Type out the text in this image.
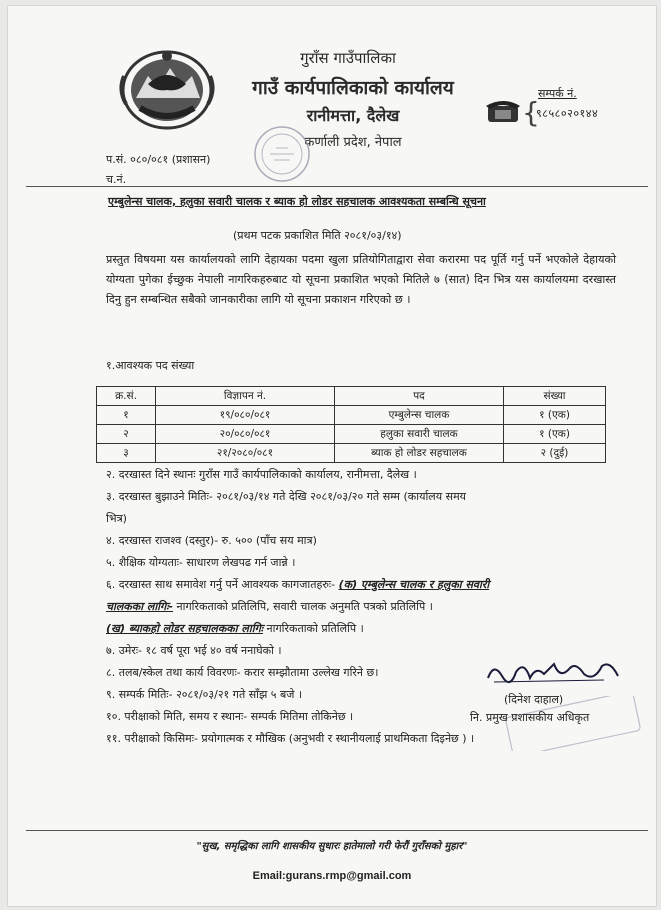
गुराँस गाउँपालिका
गाउँ कार्यपालिकाको कार्यालय
रानीमत्ता, दैलेख
कर्णाली प्रदेश, नेपाल
{
सम्पर्क नं.
९८५८०२०१४४
प.सं. ०८०/०८१ (प्रशासन)
च.नं.
एम्बुलेन्स चालक, हलुका सवारी चालक र ब्याक हो लोडर सहचालक आवश्यकता सम्बन्धि सूचना
(प्रथम पटक प्रकाशित मिति २०८१/०३/१४)
प्रस्तुत विषयमा यस कार्यालयको लागि देहायका पदमा खुला प्रतियोगिताद्वारा सेवा करारमा पद पूर्ति गर्नु पर्ने भएकोले देहायको योग्यता पुगेका ईच्छुक नेपाली नागरिकहरुबाट यो सूचना प्रकाशित भएको मितिले ७ (सात) दिन भित्र यस कार्यालयमा दरखास्त दिनु हुन सम्बन्धित सबैको जानकारीका लागि यो सूचना प्रकाशन गरिएको छ ।
१.आवश्यक पद संख्या
क्र.सं.	विज्ञापन नं.	पद	संख्या
१	१९/०८०/०८१	एम्बुलेन्स चालक	१ (एक)
२	२०/०८०/०८१	हलुका सवारी चालक	१ (एक)
३	२१/२०८०/०८१	ब्याक हो लोडर सहचालक	२ (दुई)
२. दरखास्त दिने स्थानः गुराँस गाउँ कार्यपालिकाको कार्यालय, रानीमत्ता, दैलेख ।
३. दरखास्त बुझाउने मितिः- २०८१/०३/१४ गते देखि २०८१/०३/२० गते सम्म (कार्यालय समय
भित्र)
४. दरखास्त राजश्व (दस्तुर)- रु. ५०० (पाँच सय मात्र)
५. शैक्षिक योग्यताः- साधारण लेखपढ गर्न जान्ने ।
६. दरखास्त साथ समावेश गर्नु पर्ने आवश्यक कागजातहरुः- (क) एम्बुलेन्स चालक र हलुका सवारी
चालकका लागिः- नागरिकताको प्रतिलिपि, सवारी चालक अनुमति पत्रको प्रतिलिपि ।
(ख) ब्याकहो लोडर सहचालकका लागिः नागरिकताको प्रतिलिपि ।
७. उमेरः- १८ वर्ष पूरा भई ४० वर्ष ननाघेको ।
८. तलब/स्केल तथा कार्य विवरणः- करार सम्झौतामा उल्लेख गरिने छ।
९. सम्पर्क मितिः- २०८१/०३/२१ गते साँझ ५ बजे ।
१०. परीक्षाको मिति, समय र स्थानः- सम्पर्क मितिमा तोकिनेछ ।
११. परीक्षाको किसिमः- प्रयोगात्मक र मौखिक (अनुभवी र स्थानीयलाई प्राथमिकता दिइनेछ ) ।
(दिनेश दाहाल)
नि. प्रमुख प्रशासकीय अधिकृत
"सुख, समृद्धिका लागि शासकीय सुधारः हातेमालो गरी फेरौं गुराँसको मुहार"
Email:gurans.rmp@gmail.com
